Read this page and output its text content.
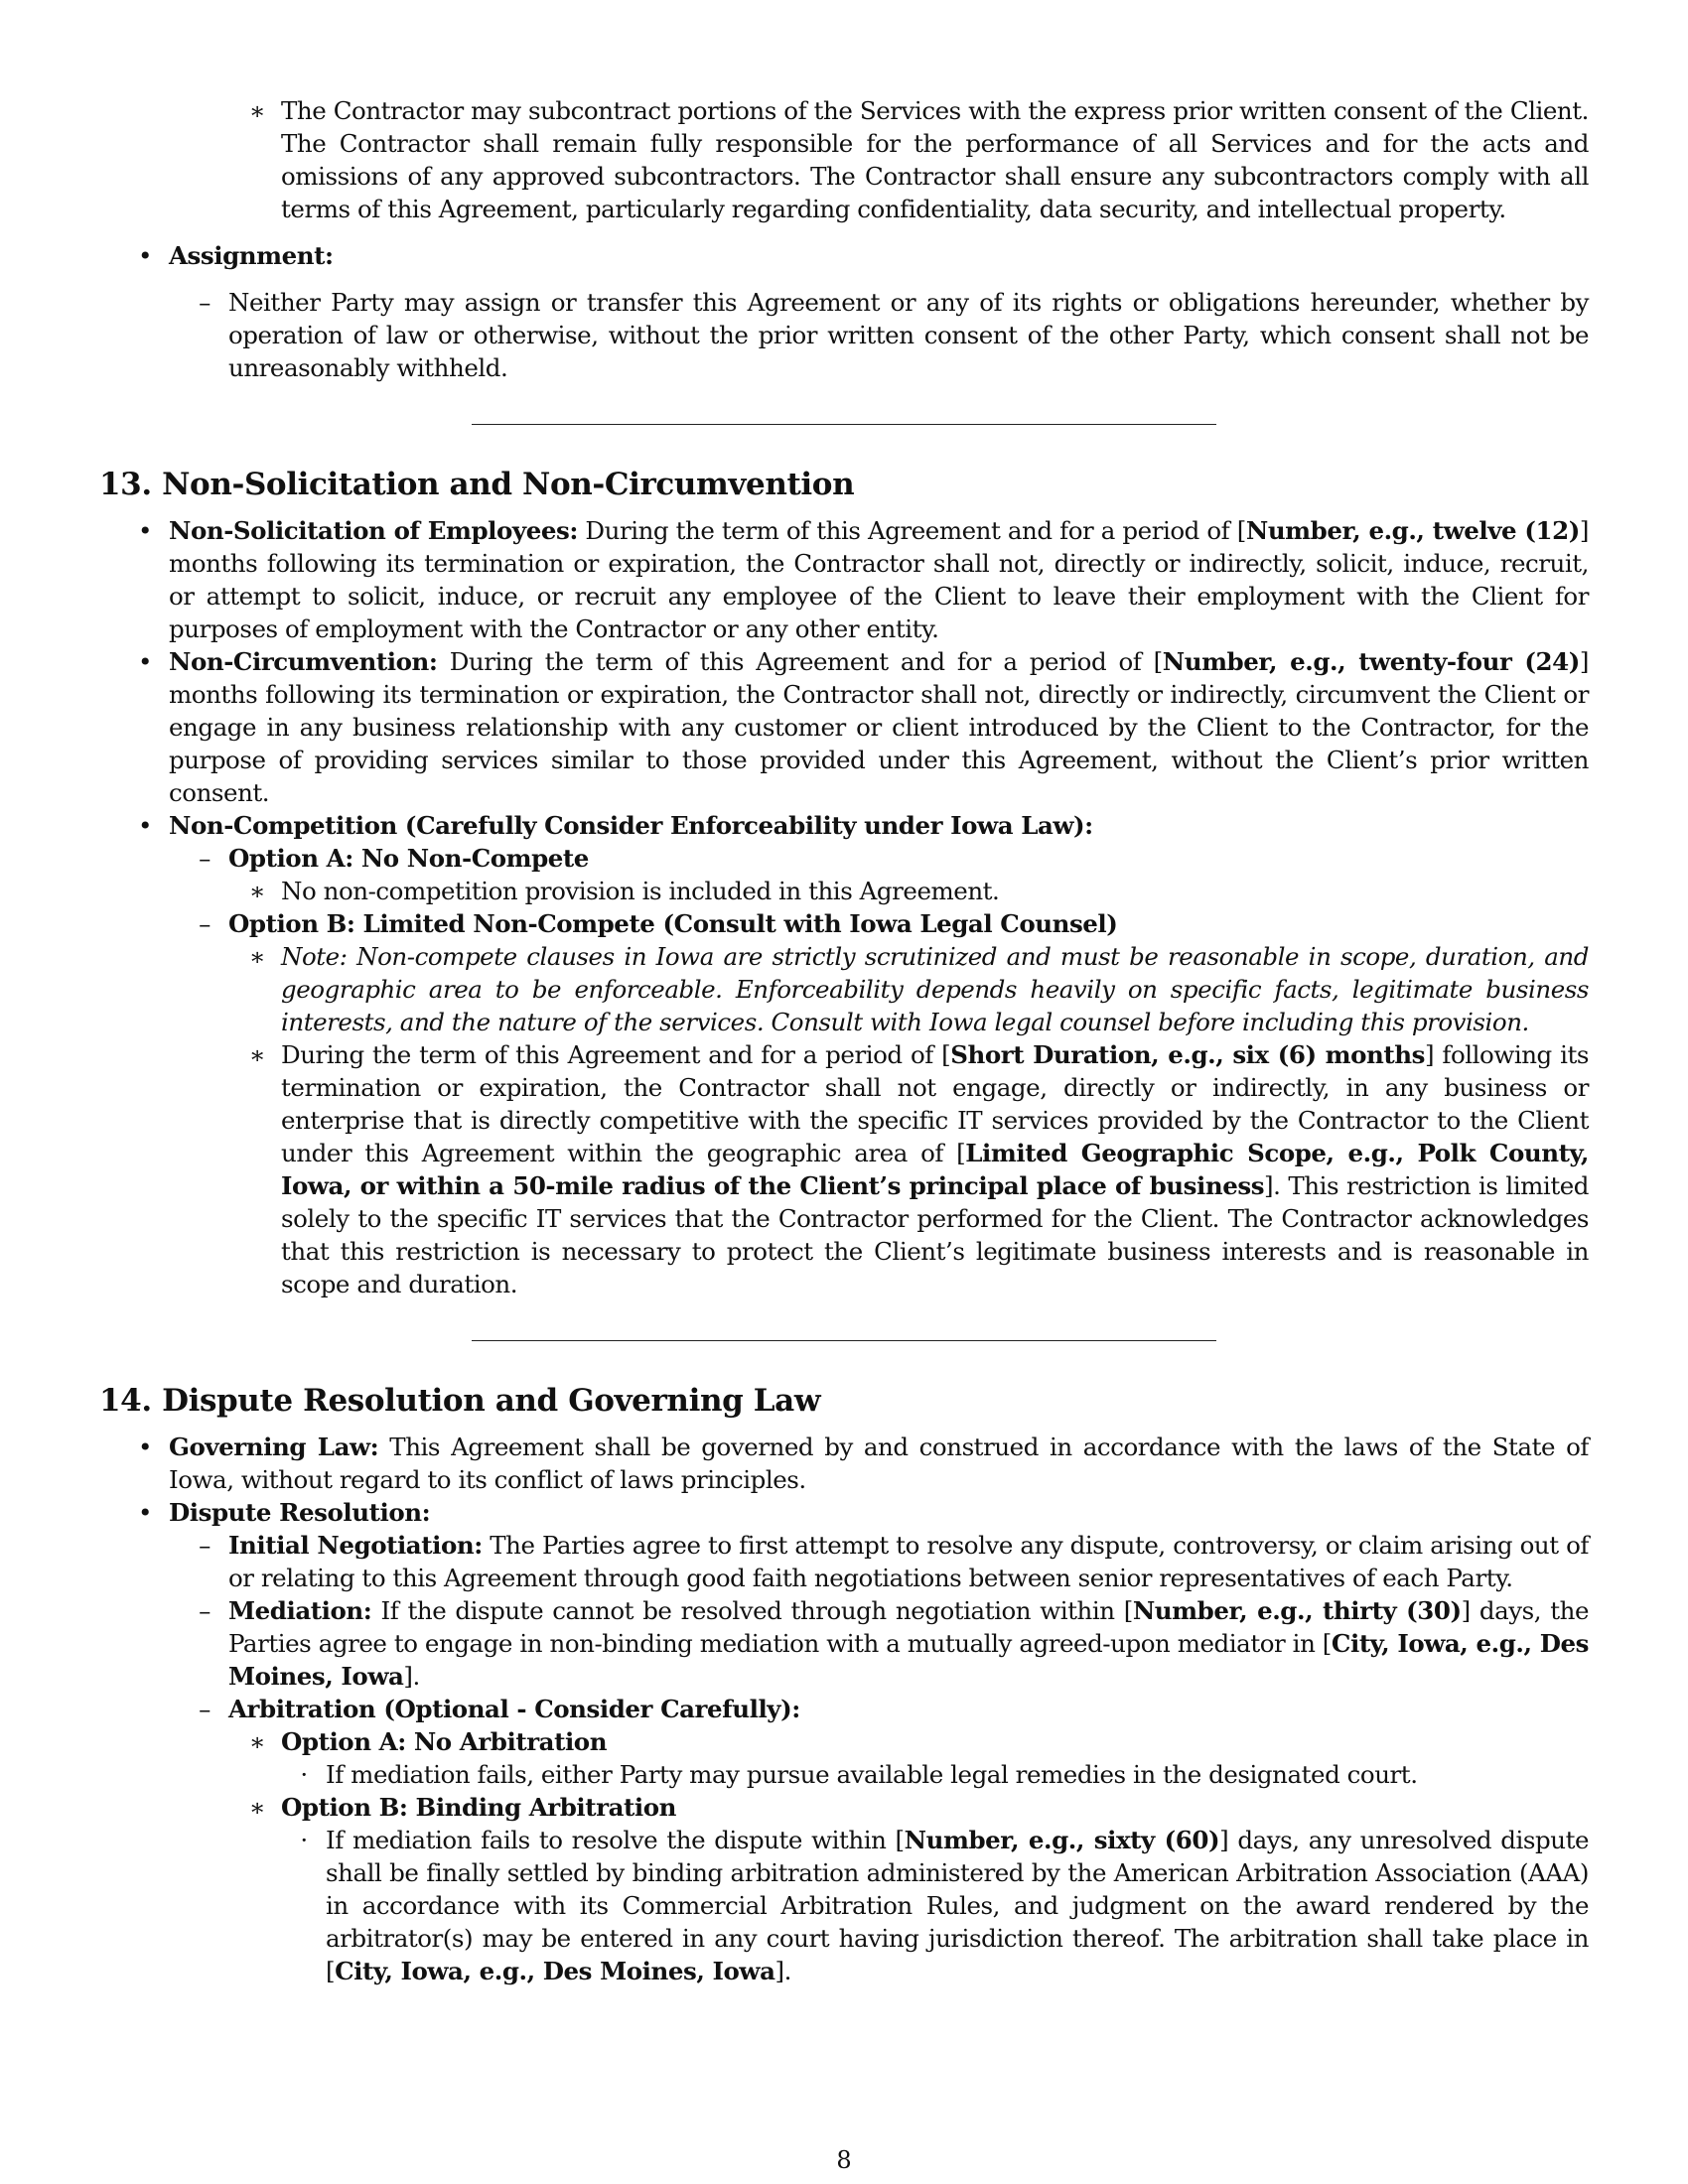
∗ The Contractor may subcontract portions of the Services with the express prior written consent of the Client. The Contractor shall remain fully responsible for the performance of all Services and for the acts and omissions of any approved subcontractors. The Contractor shall ensure any subcontractors comply with all terms of this Agreement, particularly regarding confidentiality, data security, and intellectual property.
• Assignment:
– Neither Party may assign or transfer this Agreement or any of its rights or obligations hereunder, whether by operation of law or otherwise, without the prior written consent of the other Party, which consent shall not be unreasonably withheld.
13. Non-Solicitation and Non-Circumvention
• Non-Solicitation of Employees: During the term of this Agreement and for a period of [Number, e.g., twelve (12)] months following its termination or expiration, the Contractor shall not, directly or indirectly, solicit, induce, recruit, or attempt to solicit, induce, or recruit any employee of the Client to leave their employment with the Client for purposes of employment with the Contractor or any other entity.
• Non-Circumvention: During the term of this Agreement and for a period of [Number, e.g., twenty-four (24)] months following its termination or expiration, the Contractor shall not, directly or indirectly, circumvent the Client or engage in any business relationship with any customer or client introduced by the Client to the Contractor, for the purpose of providing services similar to those provided under this Agreement, without the Client’s prior written consent.
• Non-Competition (Carefully Consider Enforceability under Iowa Law):
– Option A: No Non-Compete
∗ No non-competition provision is included in this Agreement.
– Option B: Limited Non-Compete (Consult with Iowa Legal Counsel)
∗ Note: Non-compete clauses in Iowa are strictly scrutinized and must be reasonable in scope, duration, and geographic area to be enforceable. Enforceability depends heavily on specific facts, legitimate business interests, and the nature of the services. Consult with Iowa legal counsel before including this provision.
∗ During the term of this Agreement and for a period of [Short Duration, e.g., six (6) months] following its termination or expiration, the Contractor shall not engage, directly or indirectly, in any business or enterprise that is directly competitive with the specific IT services provided by the Contractor to the Client under this Agreement within the geographic area of [Limited Geographic Scope, e.g., Polk County, Iowa, or within a 50-mile radius of the Client’s principal place of business]. This restriction is limited solely to the specific IT services that the Contractor performed for the Client. The Contractor acknowledges that this restriction is necessary to protect the Client’s legitimate business interests and is reasonable in scope and duration.
14. Dispute Resolution and Governing Law
• Governing Law: This Agreement shall be governed by and construed in accordance with the laws of the State of Iowa, without regard to its conflict of laws principles.
• Dispute Resolution:
– Initial Negotiation: The Parties agree to first attempt to resolve any dispute, controversy, or claim arising out of or relating to this Agreement through good faith negotiations between senior representatives of each Party.
– Mediation: If the dispute cannot be resolved through negotiation within [Number, e.g., thirty (30)] days, the Parties agree to engage in non-binding mediation with a mutually agreed-upon mediator in [City, Iowa, e.g., Des Moines, Iowa].
– Arbitration (Optional - Consider Carefully):
∗ Option A: No Arbitration
· If mediation fails, either Party may pursue available legal remedies in the designated court.
∗ Option B: Binding Arbitration
· If mediation fails to resolve the dispute within [Number, e.g., sixty (60)] days, any unresolved dispute shall be finally settled by binding arbitration administered by the American Arbitration Association (AAA) in accordance with its Commercial Arbitration Rules, and judgment on the award rendered by the arbitrator(s) may be entered in any court having jurisdiction thereof. The arbitration shall take place in [City, Iowa, e.g., Des Moines, Iowa].
8
